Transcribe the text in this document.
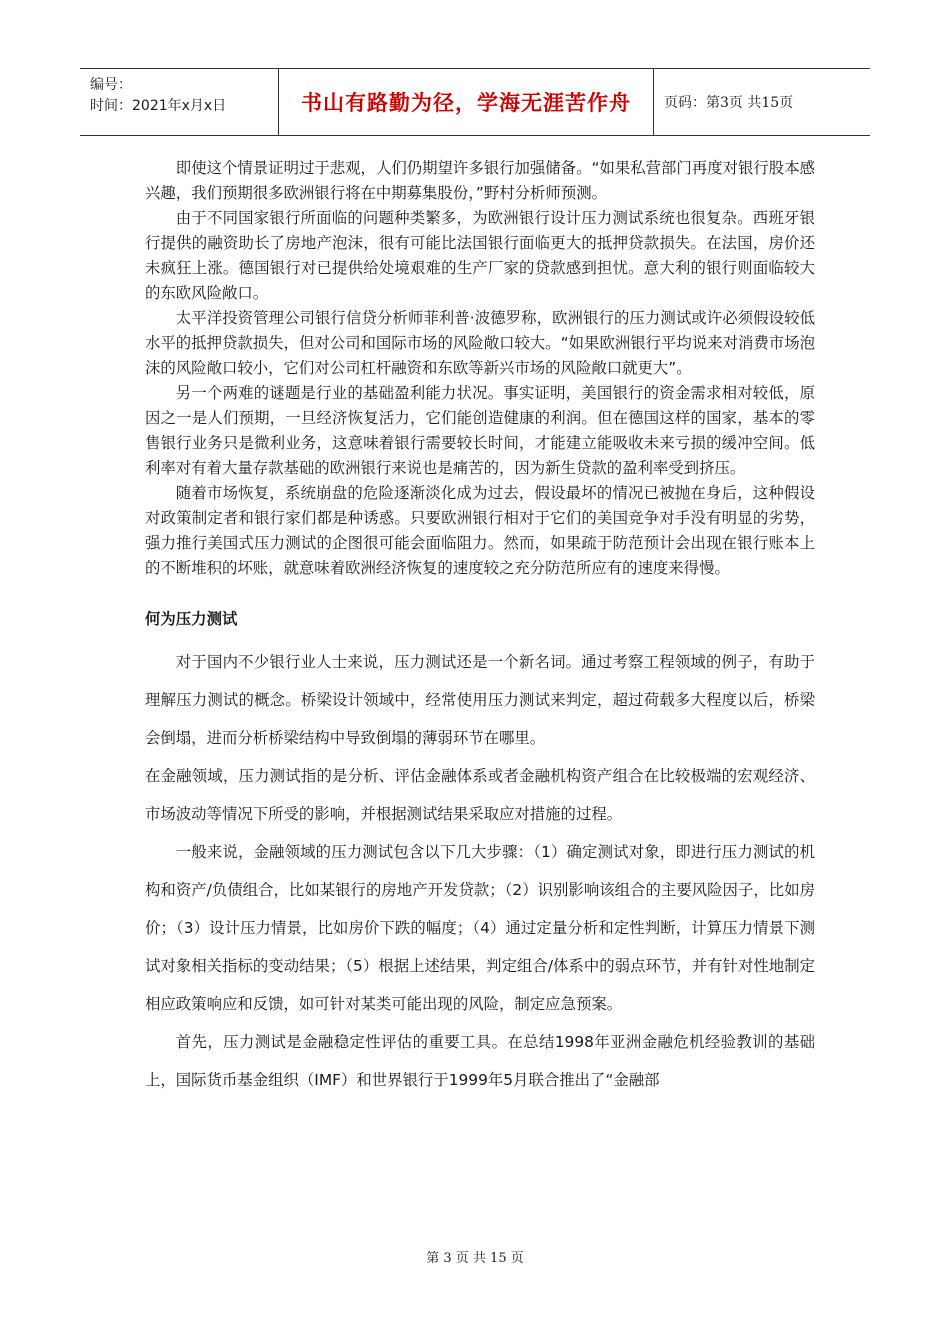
编号：
时间：2021年x月x日	书山有路勤为径，学海无涯苦作舟	页码：第3页 共15页

即使这个情景证明过于悲观，人们仍期望许多银行加强储备。“如果私营部门再度对银行股本感兴趣，我们预期很多欧洲银行将在中期募集股份，”野村分析师预测。

由于不同国家银行所面临的问题种类繁多，为欧洲银行设计压力测试系统也很复杂。西班牙银行提供的融资助长了房地产泡沫，很有可能比法国银行面临更大的抵押贷款损失。在法国，房价还未疯狂上涨。德国银行对已提供给处境艰难的生产厂家的贷款感到担忧。意大利的银行则面临较大的东欧风险敞口。

太平洋投资管理公司银行信贷分析师菲利普·波德罗称，欧洲银行的压力测试或许必须假设较低水平的抵押贷款损失，但对公司和国际市场的风险敞口较大。“如果欧洲银行平均说来对消费市场泡沫的风险敞口较小，它们对公司杠杆融资和东欧等新兴市场的风险敞口就更大”。

另一个两难的谜题是行业的基础盈利能力状况。事实证明，美国银行的资金需求相对较低，原因之一是人们预期，一旦经济恢复活力，它们能创造健康的利润。但在德国这样的国家，基本的零售银行业务只是微利业务，这意味着银行需要较长时间，才能建立能吸收未来亏损的缓冲空间。低利率对有着大量存款基础的欧洲银行来说也是痛苦的，因为新生贷款的盈利率受到挤压。

随着市场恢复，系统崩盘的危险逐渐淡化成为过去，假设最坏的情况已被抛在身后，这种假设对政策制定者和银行家们都是种诱惑。只要欧洲银行相对于它们的美国竞争对手没有明显的劣势，强力推行美国式压力测试的企图很可能会面临阻力。然而，如果疏于防范预计会出现在银行账本上的不断堆积的坏账，就意味着欧洲经济恢复的速度较之充分防范所应有的速度来得慢。

何为压力测试

对于国内不少银行业人士来说，压力测试还是一个新名词。通过考察工程领域的例子，有助于理解压力测试的概念。桥梁设计领域中，经常使用压力测试来判定，超过荷载多大程度以后，桥梁会倒塌，进而分析桥梁结构中导致倒塌的薄弱环节在哪里。

在金融领域，压力测试指的是分析、评估金融体系或者金融机构资产组合在比较极端的宏观经济、市场波动等情况下所受的影响，并根据测试结果采取应对措施的过程。

一般来说，金融领域的压力测试包含以下几大步骤：（1）确定测试对象，即进行压力测试的机构和资产/负债组合，比如某银行的房地产开发贷款；（2）识别影响该组合的主要风险因子，比如房价；（3）设计压力情景，比如房价下跌的幅度；（4）通过定量分析和定性判断，计算压力情景下测试对象相关指标的变动结果；（5）根据上述结果，判定组合/体系中的弱点环节，并有针对性地制定相应政策响应和反馈，如可针对某类可能出现的风险，制定应急预案。

首先，压力测试是金融稳定性评估的重要工具。在总结1998年亚洲金融危机经验教训的基础上，国际货币基金组织（IMF）和世界银行于1999年5月联合推出了“金融部

第 3 页 共 15 页
